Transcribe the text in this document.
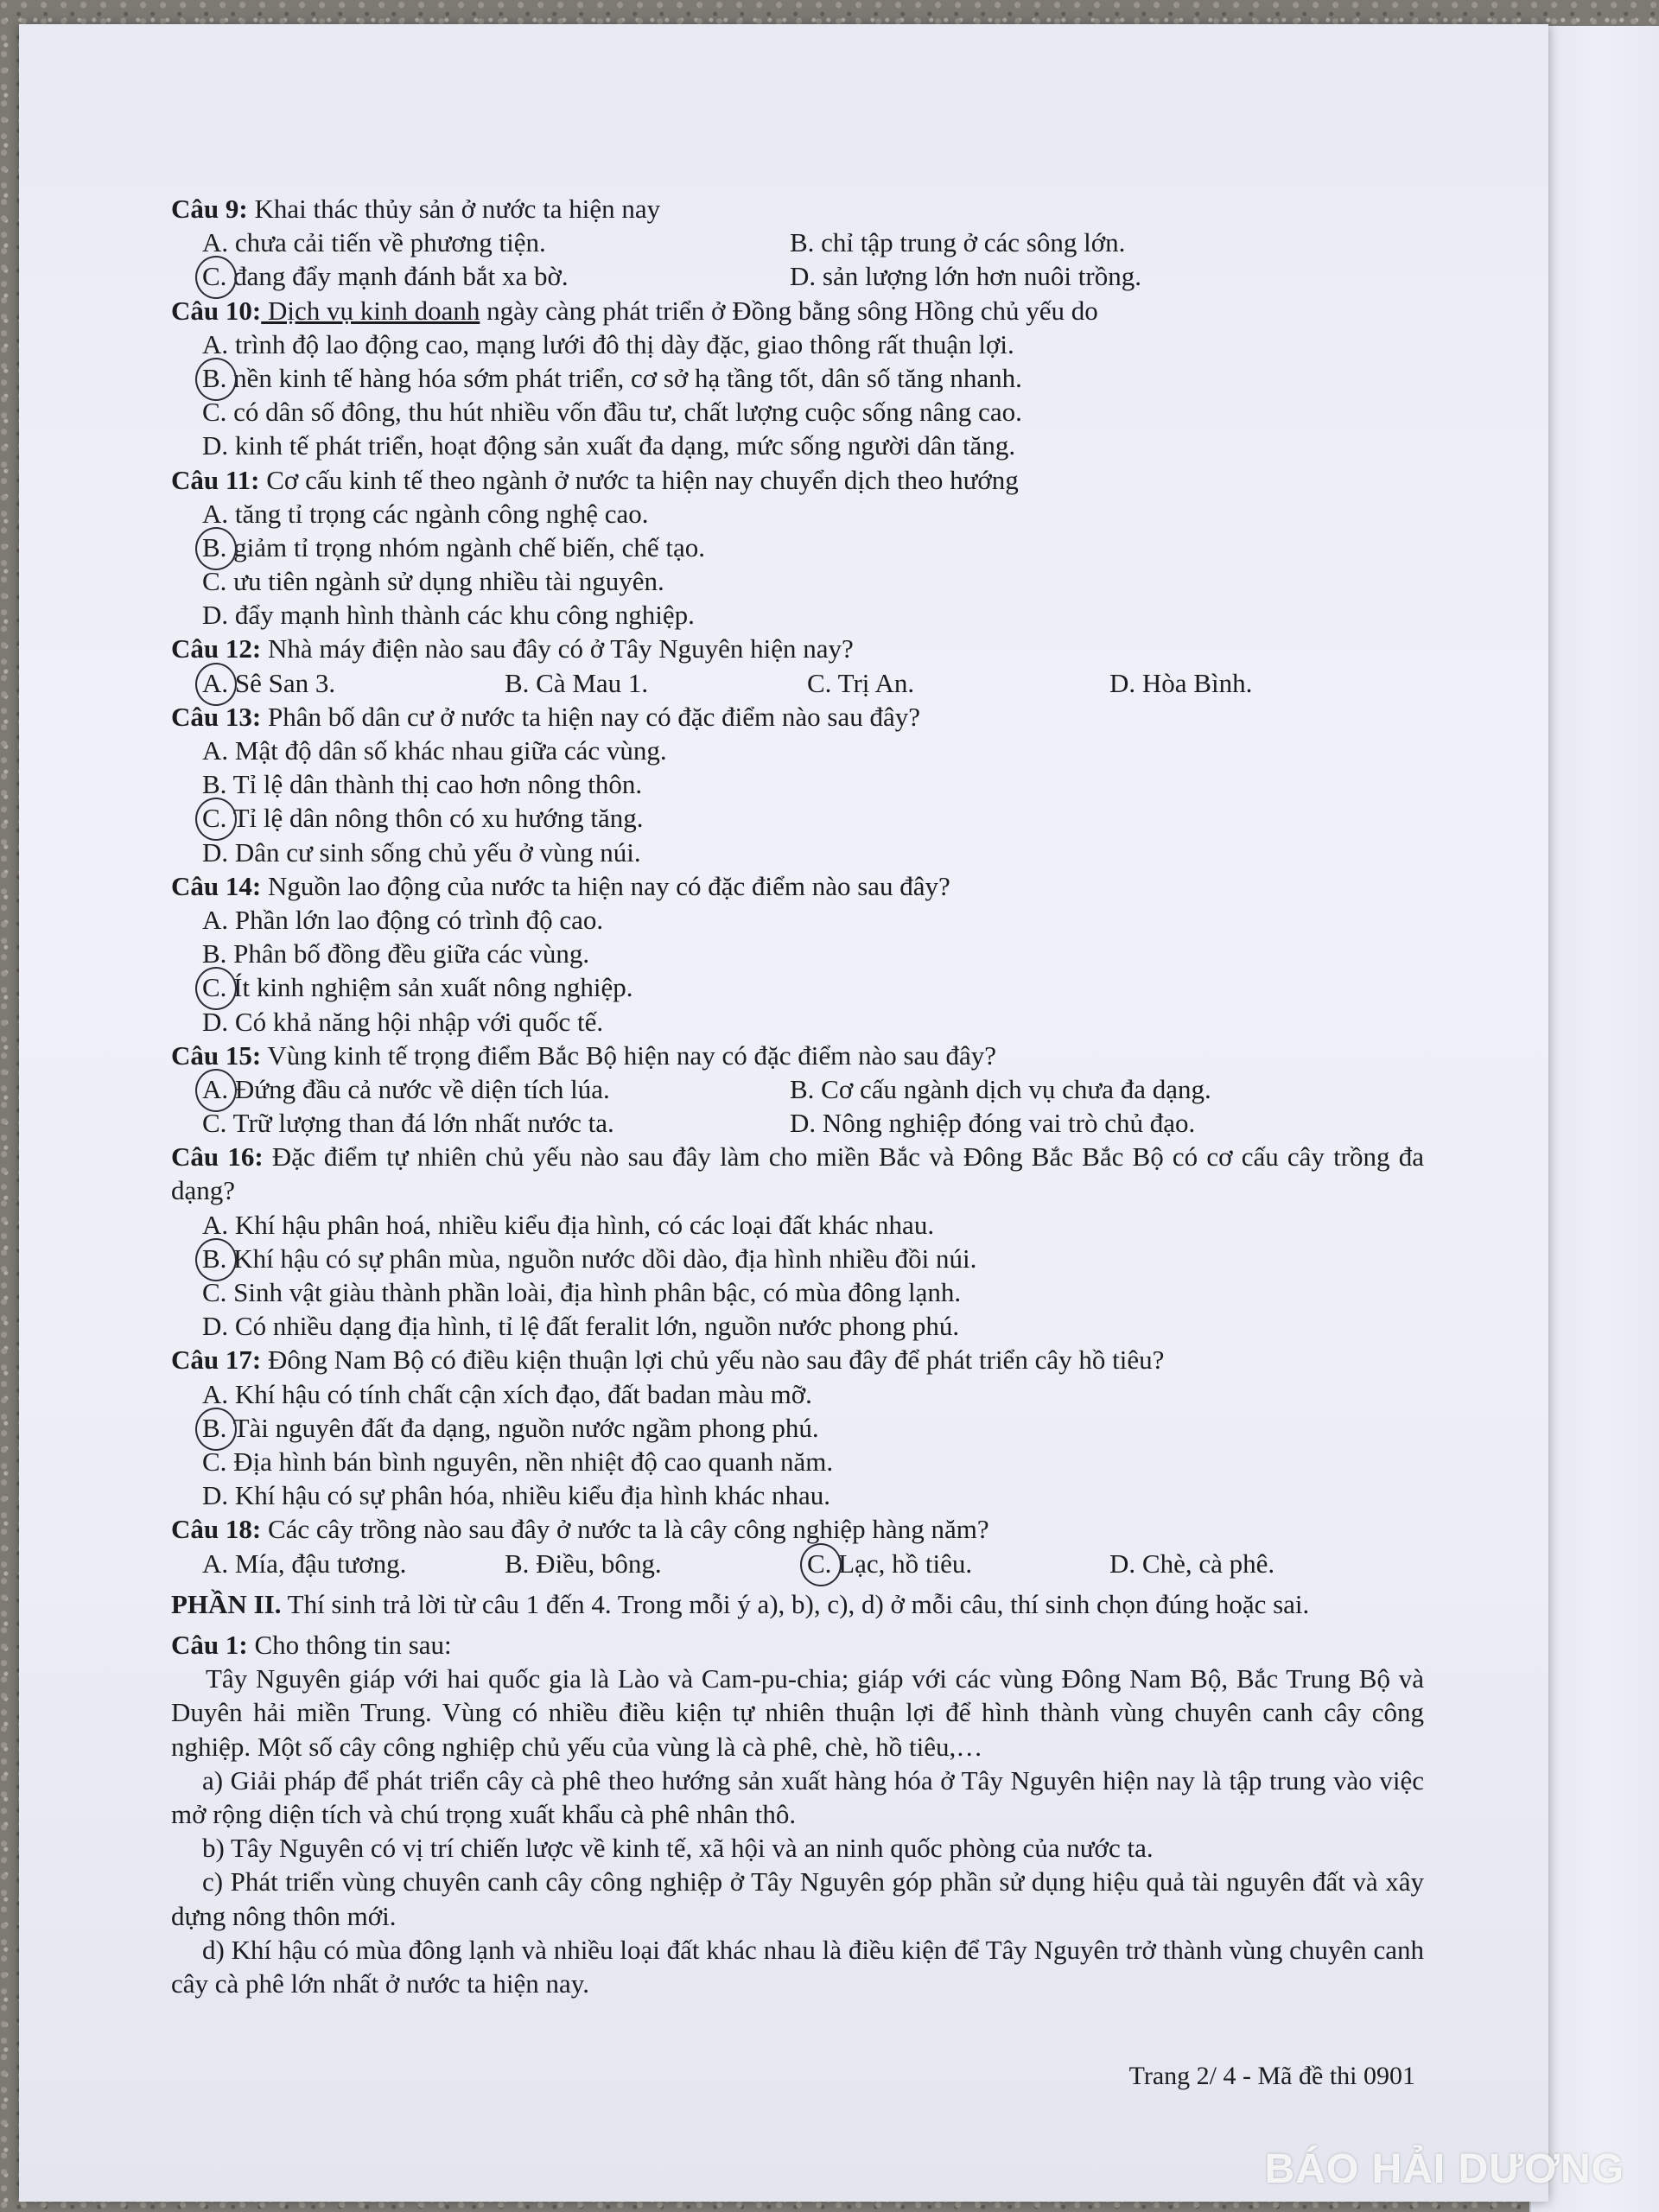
Câu 9: Khai thác thủy sản ở nước ta hiện nay
A. chưa cải tiến về phương tiện.	B. chỉ tập trung ở các sông lớn.
C. đang đẩy mạnh đánh bắt xa bờ.	D. sản lượng lớn hơn nuôi trồng.
Câu 10: Dịch vụ kinh doanh ngày càng phát triển ở Đồng bằng sông Hồng chủ yếu do
A. trình độ lao động cao, mạng lưới đô thị dày đặc, giao thông rất thuận lợi.
B. nền kinh tế hàng hóa sớm phát triển, cơ sở hạ tầng tốt, dân số tăng nhanh.
C. có dân số đông, thu hút nhiều vốn đầu tư, chất lượng cuộc sống nâng cao.
D. kinh tế phát triển, hoạt động sản xuất đa dạng, mức sống người dân tăng.
Câu 11: Cơ cấu kinh tế theo ngành ở nước ta hiện nay chuyển dịch theo hướng
A. tăng tỉ trọng các ngành công nghệ cao.
B. giảm tỉ trọng nhóm ngành chế biến, chế tạo.
C. ưu tiên ngành sử dụng nhiều tài nguyên.
D. đẩy mạnh hình thành các khu công nghiệp.
Câu 12: Nhà máy điện nào sau đây có ở Tây Nguyên hiện nay?
A. Sê San 3.	B. Cà Mau 1.	C. Trị An.	D. Hòa Bình.
Câu 13: Phân bố dân cư ở nước ta hiện nay có đặc điểm nào sau đây?
A. Mật độ dân số khác nhau giữa các vùng.
B. Tỉ lệ dân thành thị cao hơn nông thôn.
C. Tỉ lệ dân nông thôn có xu hướng tăng.
D. Dân cư sinh sống chủ yếu ở vùng núi.
Câu 14: Nguồn lao động của nước ta hiện nay có đặc điểm nào sau đây?
A. Phần lớn lao động có trình độ cao.
B. Phân bố đồng đều giữa các vùng.
C. Ít kinh nghiệm sản xuất nông nghiệp.
D. Có khả năng hội nhập với quốc tế.
Câu 15: Vùng kinh tế trọng điểm Bắc Bộ hiện nay có đặc điểm nào sau đây?
A. Đứng đầu cả nước về diện tích lúa.	B. Cơ cấu ngành dịch vụ chưa đa dạng.
C. Trữ lượng than đá lớn nhất nước ta.	D. Nông nghiệp đóng vai trò chủ đạo.
Câu 16: Đặc điểm tự nhiên chủ yếu nào sau đây làm cho miền Bắc và Đông Bắc Bắc Bộ có cơ cấu cây trồng đa dạng?
A. Khí hậu phân hoá, nhiều kiểu địa hình, có các loại đất khác nhau.
B. Khí hậu có sự phân mùa, nguồn nước dồi dào, địa hình nhiều đồi núi.
C. Sinh vật giàu thành phần loài, địa hình phân bậc, có mùa đông lạnh.
D. Có nhiều dạng địa hình, tỉ lệ đất feralit lớn, nguồn nước phong phú.
Câu 17: Đông Nam Bộ có điều kiện thuận lợi chủ yếu nào sau đây để phát triển cây hồ tiêu?
A. Khí hậu có tính chất cận xích đạo, đất badan màu mỡ.
B. Tài nguyên đất đa dạng, nguồn nước ngầm phong phú.
C. Địa hình bán bình nguyên, nền nhiệt độ cao quanh năm.
D. Khí hậu có sự phân hóa, nhiều kiểu địa hình khác nhau.
Câu 18: Các cây trồng nào sau đây ở nước ta là cây công nghiệp hàng năm?
A. Mía, đậu tương.	B. Điều, bông.	C. Lạc, hồ tiêu.	D. Chè, cà phê.
PHẦN II. Thí sinh trả lời từ câu 1 đến 4. Trong mỗi ý a), b), c), d) ở mỗi câu, thí sinh chọn đúng hoặc sai.
Câu 1: Cho thông tin sau:
Tây Nguyên giáp với hai quốc gia là Lào và Cam-pu-chia; giáp với các vùng Đông Nam Bộ, Bắc Trung Bộ và Duyên hải miền Trung. Vùng có nhiều điều kiện tự nhiên thuận lợi để hình thành vùng chuyên canh cây công nghiệp. Một số cây công nghiệp chủ yếu của vùng là cà phê, chè, hồ tiêu,…
a) Giải pháp để phát triển cây cà phê theo hướng sản xuất hàng hóa ở Tây Nguyên hiện nay là tập trung vào việc mở rộng diện tích và chú trọng xuất khẩu cà phê nhân thô.
b) Tây Nguyên có vị trí chiến lược về kinh tế, xã hội và an ninh quốc phòng của nước ta.
c) Phát triển vùng chuyên canh cây công nghiệp ở Tây Nguyên góp phần sử dụng hiệu quả tài nguyên đất và xây dựng nông thôn mới.
d) Khí hậu có mùa đông lạnh và nhiều loại đất khác nhau là điều kiện để Tây Nguyên trở thành vùng chuyên canh cây cà phê lớn nhất ở nước ta hiện nay.
Trang 2/ 4 - Mã đề thi 0901
BÁO HẢI DƯƠNG
